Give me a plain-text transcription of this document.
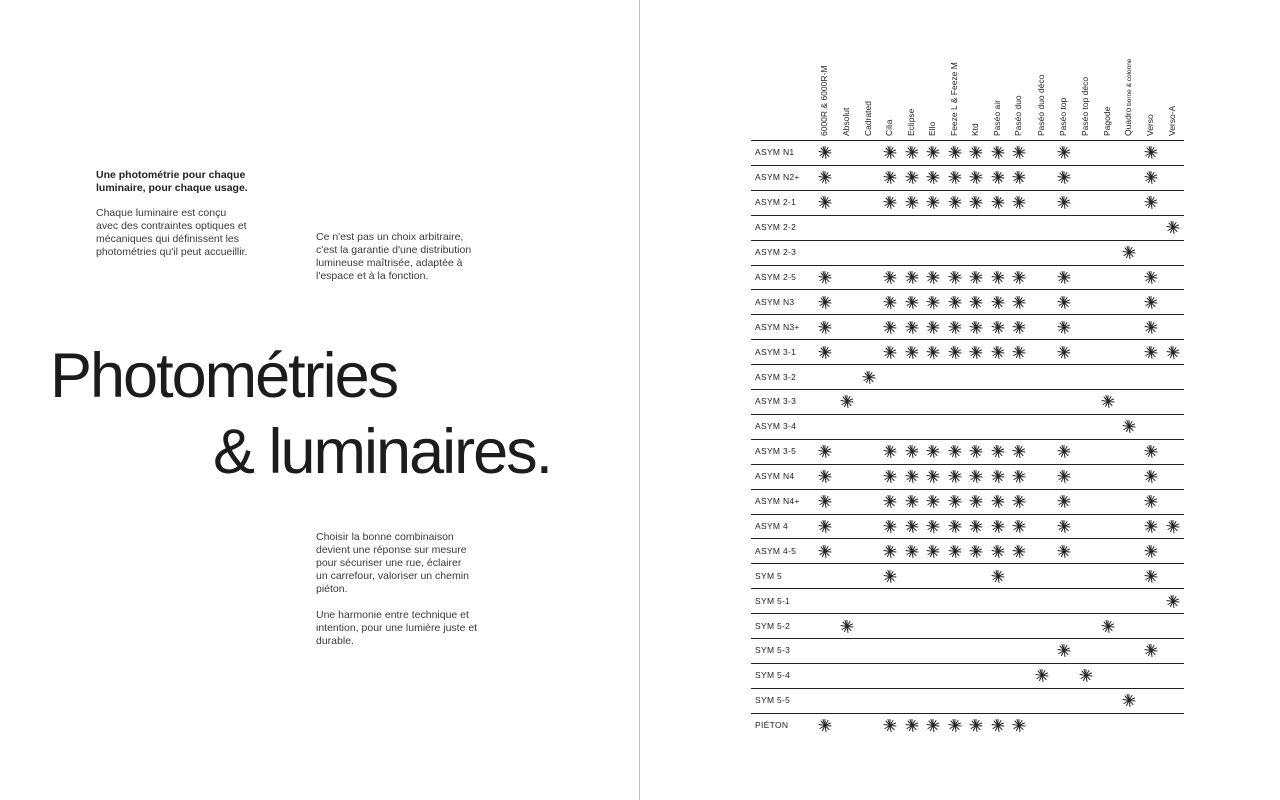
Une photométrie pour chaque luminaire, pour chaque usage.
Chaque luminaire est conçu
avec des contraintes optiques et
mécaniques qui définissent les
photométries qu'il peut accueillir.
Ce n'est pas un choix arbitraire,
c'est la garantie d'une distribution
lumineuse maîtrisée, adaptée à
l'espace et à la fonction.
Photométries
& luminaires.
Choisir la bonne combinaison
devient une réponse sur mesure
pour sécuriser une rue, éclairer
un carrefour, valoriser un chemin
piéton.
Une harmonie entre technique et
intention, pour une lumière juste et
durable.
6000R & 6000R-M Absolut Cadrated Cilia Eclipse Ello Feeze L & Feeze M Ktd Paséo air Paséo duo Paséo duo déco Paséo top Paséo top déco Pagode Quadro borne & colonne
Verso Verso-A
ASYM N1
ASYM N2+
ASYM 2-1
ASYM 2-2
ASYM 2-3
ASYM 2-5
ASYM N3
ASYM N3+
ASYM 3-1
ASYM 3-2
ASYM 3-3
ASYM 3-4
ASYM 3-5
ASYM N4
ASYM N4+
ASYM 4
ASYM 4-5
SYM 5
SYM 5-1
SYM 5-2
SYM 5-3
SYM 5-4
SYM 5-5
PIÉTON
